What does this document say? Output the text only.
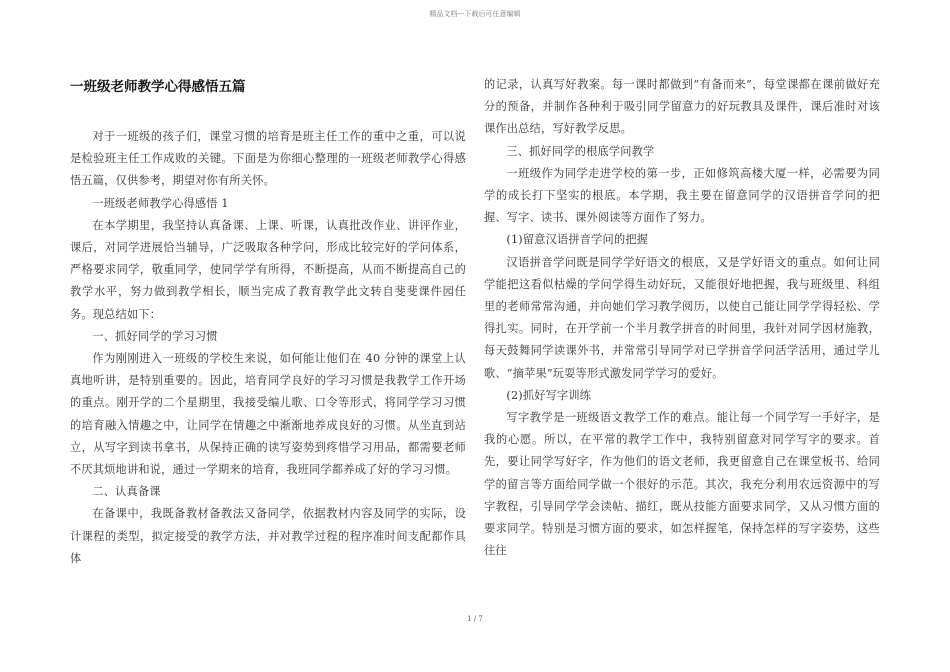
精品文档---下载后可任意编辑
一班级老师教学心得感悟五篇

对于一班级的孩子们，课堂习惯的培育是班主任工作的重中之重，可以说是检验班主任工作成败的关键。下面是为你细心整理的一班级老师教学心得感悟五篇，仅供参考，期望对你有所关怀。

一班级老师教学心得感悟 1

在本学期里，我坚持认真备课、上课、听课，认真批改作业、讲评作业，课后，对同学进展恰当辅导，广泛吸取各种学问，形成比较完好的学问体系，严格要求同学，敬重同学，使同学学有所得，不断提高，从而不断提高自己的教学水平，努力做到教学相长，顺当完成了教育教学此文转自斐斐课件园任务。现总结如下：

一、抓好同学的学习习惯

作为刚刚进入一班级的学校生来说，如何能让他们在 40 分钟的课堂上认真地听讲，是特别重要的。因此，培育同学良好的学习习惯是我教学工作开场的重点。刚开学的二个星期里，我接受编儿歌、口令等形式，将同学学习习惯的培育融入情趣之中，让同学在情趣之中渐渐地养成良好的习惯。从坐直到站立，从写字到读书拿书，从保持正确的读写姿势到疼惜学习用品，都需要老师不厌其烦地讲和说，通过一学期来的培育，我班同学都养成了好的学习习惯。

二、认真备课

在备课中，我既备教材备教法又备同学，依据教材内容及同学的实际，设计课程的类型，拟定接受的教学方法，并对教学过程的程序准时间支配都作具体

的记录，认真写好教案。每一课时都做到“有备而来”，每堂课都在课前做好充分的预备，并制作各种利于吸引同学留意力的好玩教具及课件，课后准时对该课作出总结，写好教学反思。

三、抓好同学的根底学问教学

一班级作为同学走进学校的第一步，正如修筑高楼大厦一样，必需要为同学的成长打下坚实的根底。本学期，我主要在留意同学的汉语拼音学问的把握、写字、读书、课外阅读等方面作了努力。

(1)留意汉语拼音学问的把握

汉语拼音学问既是同学学好语文的根底，又是学好语文的重点。如何让同学能把这看似枯燥的学问学得生动好玩，又能很好地把握，我与班级里、科组里的老师常常沟通，并向她们学习教学阅历，以使自己能让同学学得轻松、学得扎实。同时，在开学前一个半月教学拼音的时间里，我针对同学因材施教，每天鼓舞同学读课外书，并常常引导同学对已学拼音学问活学活用，通过学儿歌、“摘苹果”玩耍等形式激发同学学习的爱好。

(2)抓好写字训练

写字教学是一班级语文教学工作的难点。能让每一个同学写一手好字，是我的心愿。所以，在平常的教学工作中，我特别留意对同学写字的要求。首先，要让同学写好字，作为他们的语文老师，我更留意自己在课堂板书、给同学的留言等方面给同学做一个很好的示范。其次，我充分利用农远资源中的写字教程，引导同学学会读帖、描红，既从技能方面要求同学，又从习惯方面的要求同学。特别是习惯方面的要求，如怎样握笔，保持怎样的写字姿势，这些往往

1 / 7
